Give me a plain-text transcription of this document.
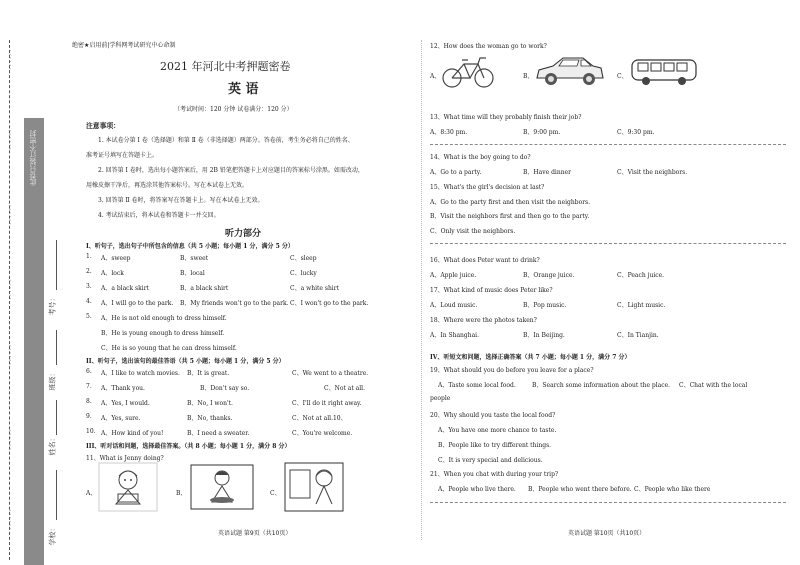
......
......
......
......
......
......
......
此卷只装订不密封
考号：
班级：
姓名：
学校：
绝密★启用前|学科网考试研究中心命制
2021 年河北中考押题密卷
英 语
（考试时间：120 分钟 试卷满分：120 分）
注意事项：
1. 本试卷分第 Ⅰ 卷（选择题）和第 Ⅱ 卷（非选择题）两部分。答卷前，考生务必将自己的姓名、
准考证号填写在答题卡上。
2. 回答第 Ⅰ 卷时，选出每小题答案后，用 2B 铅笔把答题卡上对应题目的答案标号涂黑。如需改动，
用橡皮擦干净后，再选涂其他答案标号。写在本试卷上无效。
3. 回答第 Ⅱ 卷时，将答案写在答题卡上。写在本试卷上无效。
4. 考试结束后，将本试卷和答题卡一并交回。
听力部分
I、听句子，选出句子中所包含的信息（共 5 小题；每小题 1 分，满分 5 分）
1. A、sweep	B、sweet	C、sleep
2. A、lock	B、local	C、lucky
3. A、a black skirt	B、a black shirt	C、a white shirt
4. A、I will go to the park. B、My friends won't go to the park. C、I won't go to the park.
5. A、He is not old enough to dress himself.
B、He is young enough to dress himself.
C、He is so young that he can dress himself.
II、听句子，选出该句的最佳答语（共 5 小题；每小题 1 分，满分 5 分）
6. A、I like to watch movies. B、It is great.	C、We went to a theatre.
7. A、Thank you.	B、Don't say so.	C、Not at all.
8. A、Yes, I would.	B、No, I won't.	C、I'll do it right away.
9. A、Yes, sure.	B、No, thanks.	C、Not at all.10、
10. A、How kind of you!	B、I need a sweater.	C、You're welcome.
III、听对话和问题，选择最佳答案。（共 8 小题；每小题 1 分，满分 8 分）
11、What is Jenny doing?
A、	B、	C、
英语试题 第9页（共10页）
12、How does the woman go to work?
A、	B、	C、
13、What time will they probably finish their job?
A、8:30 pm.	B、9:00 pm.	C、9:30 pm.
14、What is the boy going to do?
A、Go to a party.	B、Have dinner	C、Visit the neighbors.
15、What's the girl's decision at last?
A、Go to the party first and then visit the neighbors.
B、Visit the neighbors first and then go to the party.
C、Only visit the neighbors.
16、What does Peter want to drink?
A、Apple juice.	B、Orange juice.	C、Peach juice.
17、What kind of music does Peter like?
A、Loud music.	B、Pop music.	C、Light music.
18、Where were the photos taken?
A、In Shanghai.	B、In Beijing.	C、In Tianjin.
IV、听短文和问题，选择正确答案（共 7 小题；每小题 1 分，满分 7 分）
19、What should you do before you leave for a place?
A、Taste some local food.	B、Search some information about the place. C、Chat with the local
people
20、Why should you taste the local food?
A、You have one more chance to taste.
B、People like to try different things.
C、It is very special and delicious.
21、When you chat with during your trip?
A、People who live there. B、People who went there before. C、People who like there
英语试题 第10页（共10页）
